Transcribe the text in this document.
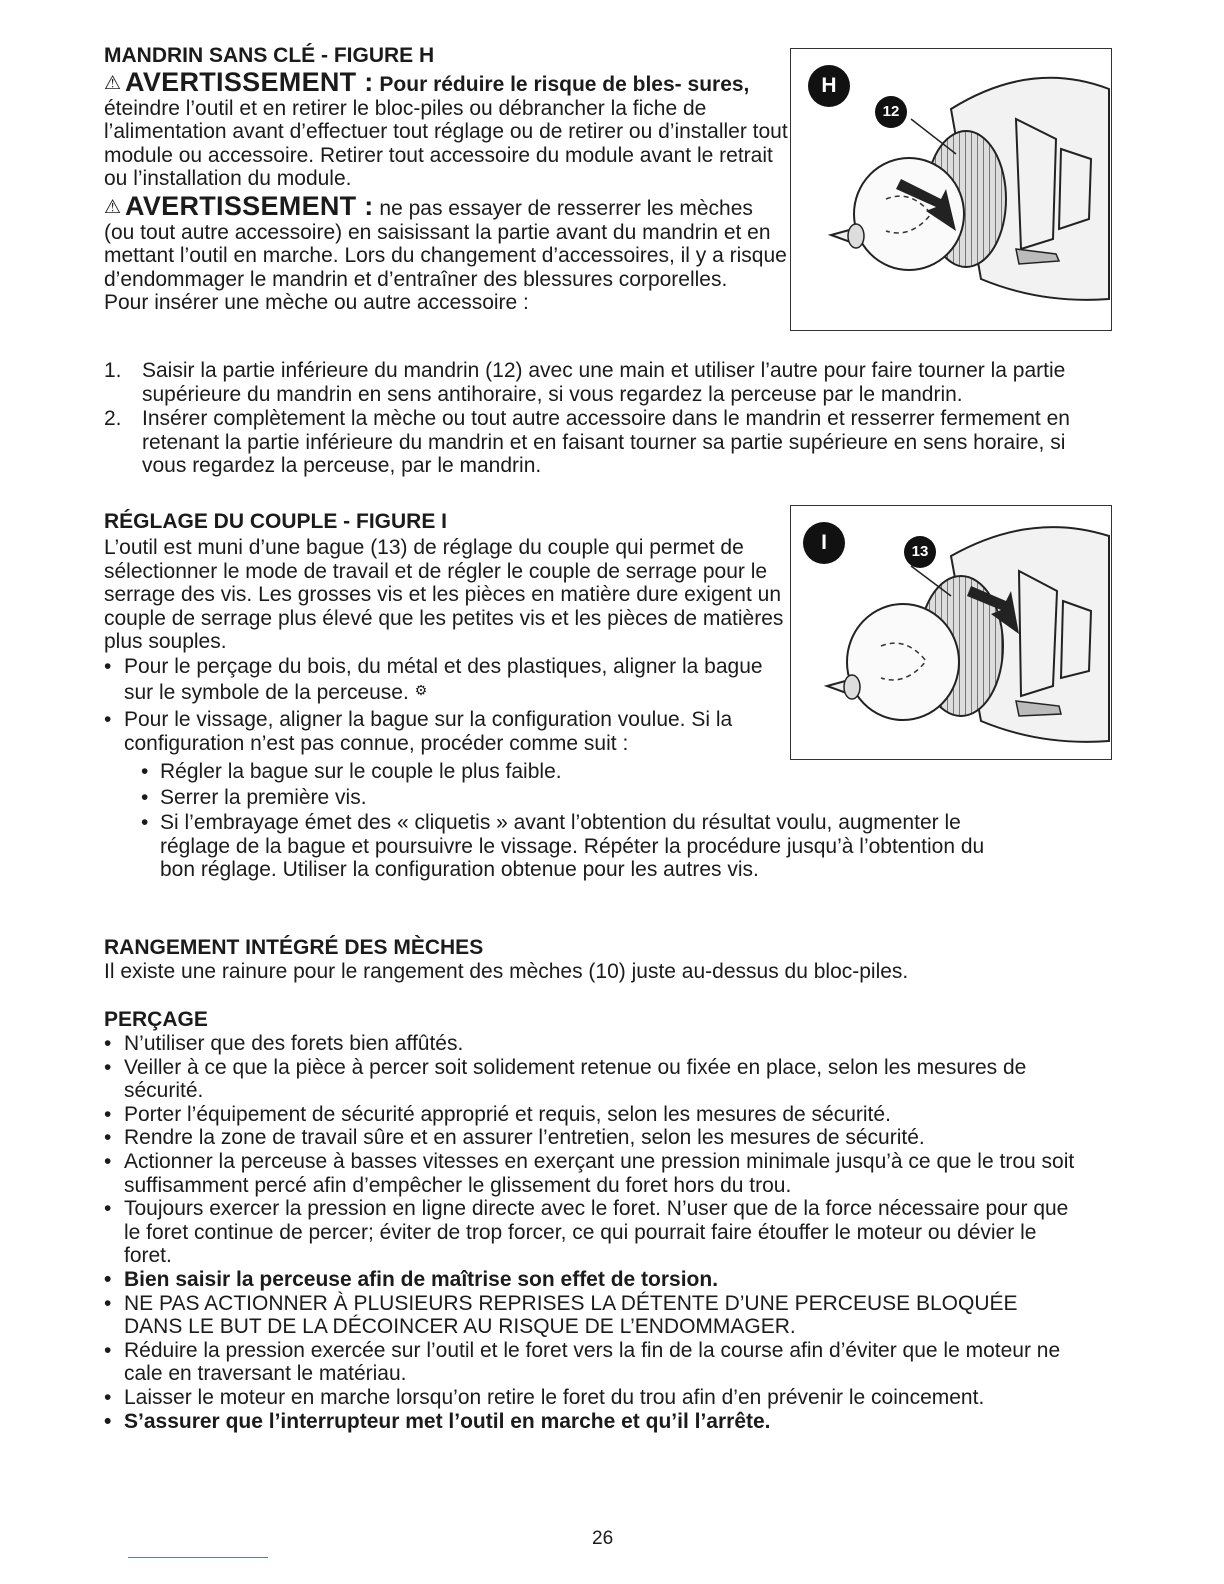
MANDRIN SANS CLÉ - FIGURE H
⚠ AVERTISSEMENT : Pour réduire le risque de bles- sures, éteindre l’outil et en retirer le bloc-piles ou débrancher la fiche de l’alimentation avant d’effectuer tout réglage ou de retirer ou d’installer tout module ou accessoire. Retirer tout accessoire du module avant le retrait ou l’installation du module.
⚠ AVERTISSEMENT : ne pas essayer de resserrer les mèches (ou tout autre accessoire) en saisissant la partie avant du mandrin et en mettant l’outil en marche. Lors du changement d’accessoires, il y a risque d’endommager le mandrin et d’entraîner des blessures corporelles.
Pour insérer une mèche ou autre accessoire :
1. Saisir la partie inférieure du mandrin (12) avec une main et utiliser l’autre pour faire tourner la partie supérieure du mandrin en sens antihoraire, si vous regardez la perceuse par le mandrin.
2. Insérer complètement la mèche ou tout autre accessoire dans le mandrin et resserrer fermement en retenant la partie inférieure du mandrin et en faisant tourner sa partie supérieure en sens horaire, si vous regardez la perceuse, par le mandrin.
H
12
RÉGLAGE DU COUPLE - FIGURE I
L’outil est muni d’une bague (13) de réglage du couple qui permet de sélectionner le mode de travail et de régler le couple de serrage pour le serrage des vis. Les grosses vis et les pièces en matière dure exigent un couple de serrage plus élevé que les petites vis et les pièces de matières plus souples.
• Pour le perçage du bois, du métal et des plastiques, aligner la bague sur le symbole de la perceuse. ⚙
• Pour le vissage, aligner la bague sur la configuration voulue. Si la configuration n’est pas connue, procéder comme suit :
• Régler la bague sur le couple le plus faible.
• Serrer la première vis.
• Si l’embrayage émet des « cliquetis » avant l’obtention du résultat voulu, augmenter le réglage de la bague et poursuivre le vissage. Répéter la procédure jusqu’à l’obtention du bon réglage. Utiliser la configuration obtenue pour les autres vis.
I	13
RANGEMENT INTÉGRÉ DES MÈCHES
Il existe une rainure pour le rangement des mèches (10) juste au-dessus du bloc-piles.
PERÇAGE
• N’utiliser que des forets bien affûtés.
• Veiller à ce que la pièce à percer soit solidement retenue ou fixée en place, selon les mesures de sécurité.
• Porter l’équipement de sécurité approprié et requis, selon les mesures de sécurité.
• Rendre la zone de travail sûre et en assurer l’entretien, selon les mesures de sécurité.
• Actionner la perceuse à basses vitesses en exerçant une pression minimale jusqu’à ce que le trou soit suffisamment percé afin d’empêcher le glissement du foret hors du trou.
• Toujours exercer la pression en ligne directe avec le foret. N’user que de la force nécessaire pour que le foret continue de percer; éviter de trop forcer, ce qui pourrait faire étouffer le moteur ou dévier le foret.
• Bien saisir la perceuse afin de maîtrise son effet de torsion.
• NE PAS ACTIONNER À PLUSIEURS REPRISES LA DÉTENTE D’UNE PERCEUSE BLOQUÉE DANS LE BUT DE LA DÉCOINCER AU RISQUE DE L’ENDOMMAGER.
• Réduire la pression exercée sur l’outil et le foret vers la fin de la course afin d’éviter que le moteur ne cale en traversant le matériau.
• Laisser le moteur en marche lorsqu’on retire le foret du trou afin d’en prévenir le coincement.
• S’assurer que l’interrupteur met l’outil en marche et qu’il l’arrête.
26
